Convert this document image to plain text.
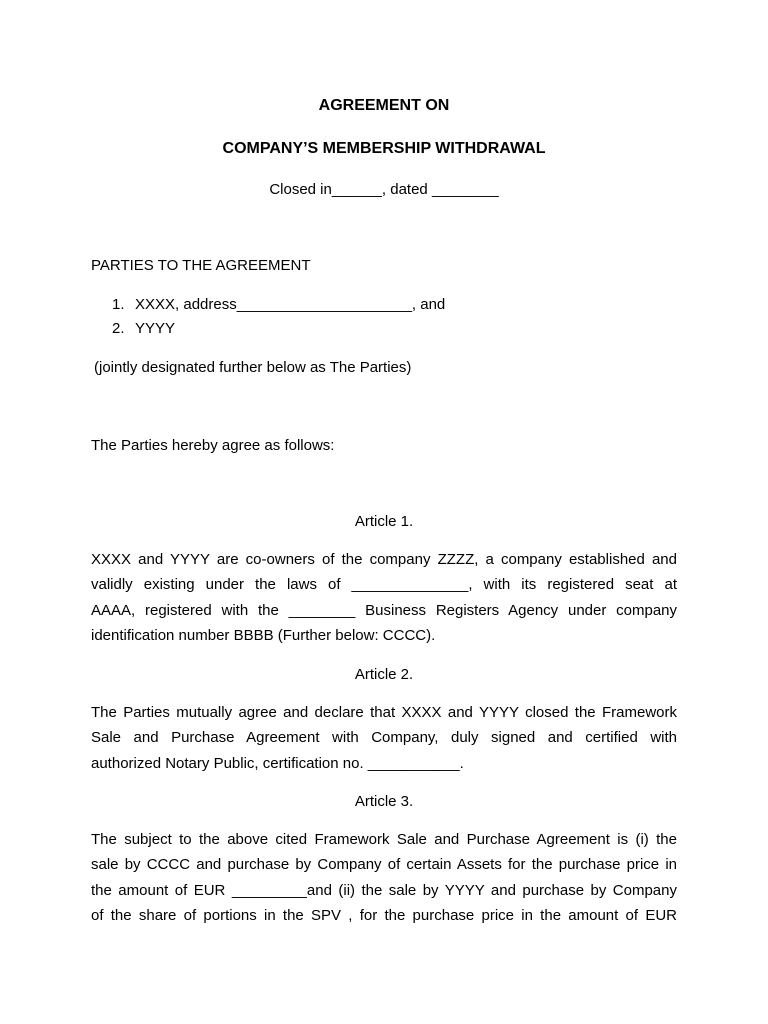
AGREEMENT ON
COMPANY’S MEMBERSHIP WITHDRAWAL
Closed in______, dated ________
PARTIES TO THE AGREEMENT
1. XXXX, address_____________________, and
2. YYYY
(jointly designated further below as The Parties)
The Parties hereby agree as follows:
Article 1.
XXXX and YYYY are co-owners of the company ZZZZ, a company established and
validly existing under the laws of ______________, with its registered seat at
AAAA, registered with the ________ Business Registers Agency under company
identification number BBBB (Further below: CCCC).
Article 2.
The Parties mutually agree and declare that XXXX and YYYY closed the Framework
Sale and Purchase Agreement with Company, duly signed and certified with
authorized Notary Public, certification no. ___________.
Article 3.
The subject to the above cited Framework Sale and Purchase Agreement is (i) the
sale by CCCC and purchase by Company of certain Assets for the purchase price in
the amount of EUR _________and (ii) the sale by YYYY and purchase by Company
of the share of portions in the SPV , for the purchase price in the amount of EUR
